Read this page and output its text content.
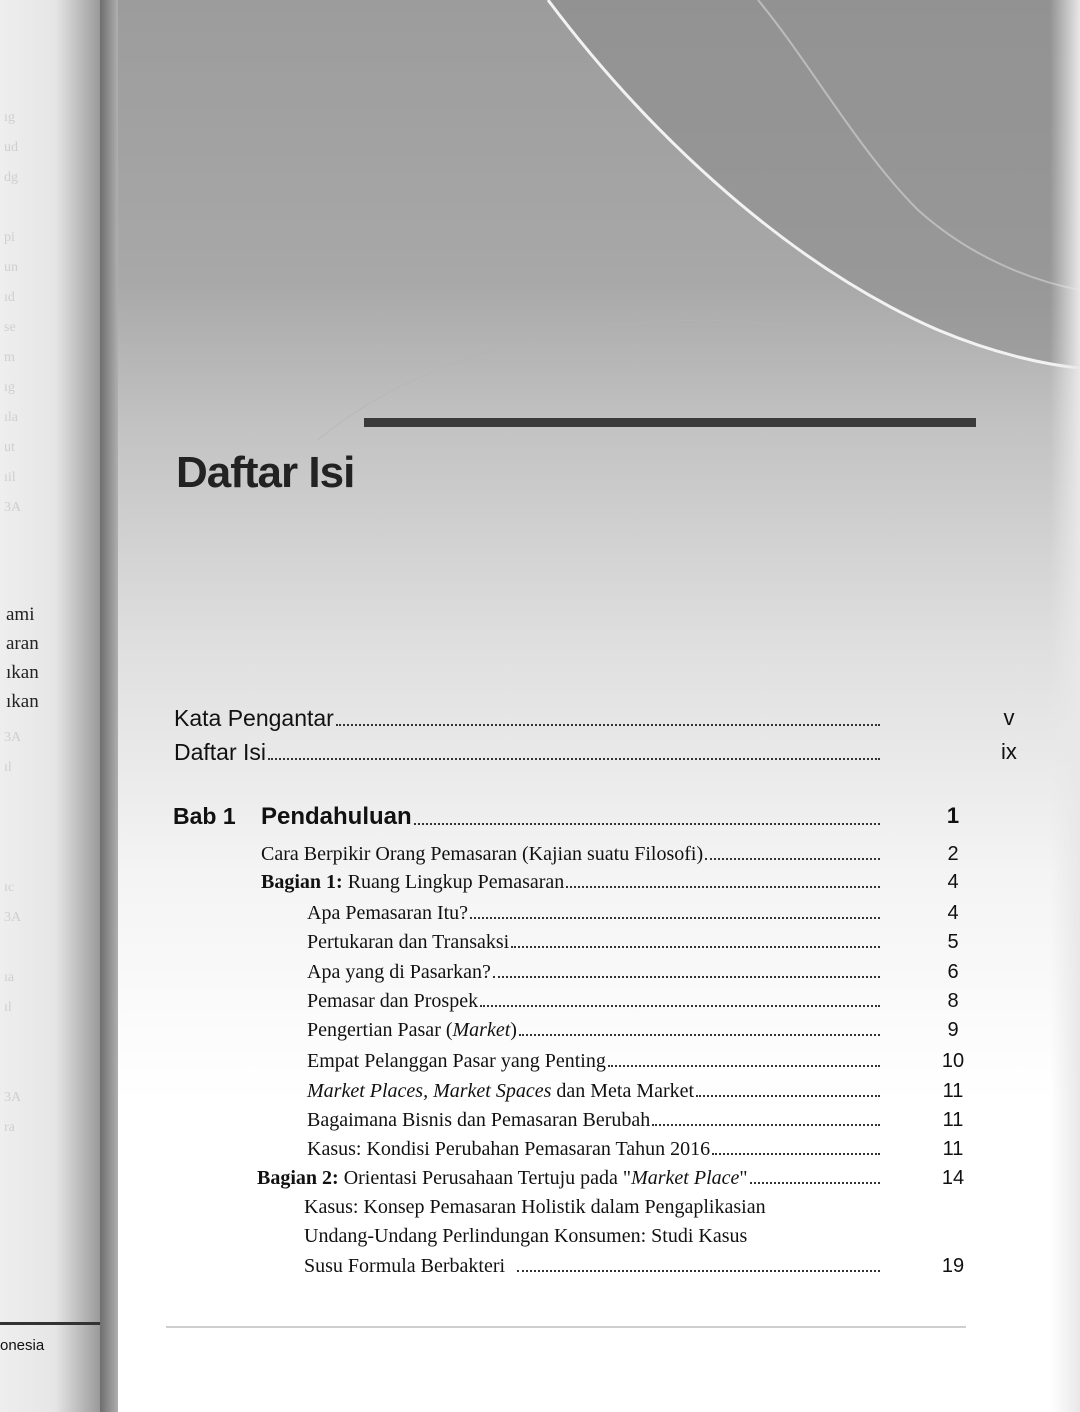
ıg
ud
dg
pi
un
ıd
se
m
ıg
ıla
ut
ıil
3A
ami
aran
ıkan
ıkan
3A
ıl
ıc
3A
ıa
ıl
3A
ra
onesia
Daftar Isi
Kata Pengantar	v
Daftar Isi	ix
Bab 1 Pendahuluan	1
Cara Berpikir Orang Pemasaran (Kajian suatu Filosofi)	2
Bagian 1: Ruang Lingkup Pemasaran	4
Apa Pemasaran Itu?	4
Pertukaran dan Transaksi	5
Apa yang di Pasarkan?	6
Pemasar dan Prospek	8
Pengertian Pasar (Market)	9
Empat Pelanggan Pasar yang Penting	10
Market Places, Market Spaces dan Meta Market	11
Bagaimana Bisnis dan Pemasaran Berubah	11
Kasus: Kondisi Perubahan Pemasaran Tahun 2016	11
Bagian 2: Orientasi Perusahaan Tertuju pada "Market Place"	14
Kasus: Konsep Pemasaran Holistik dalam Pengaplikasian
Undang-Undang Perlindungan Konsumen: Studi Kasus
Susu Formula Berbakteri	19
